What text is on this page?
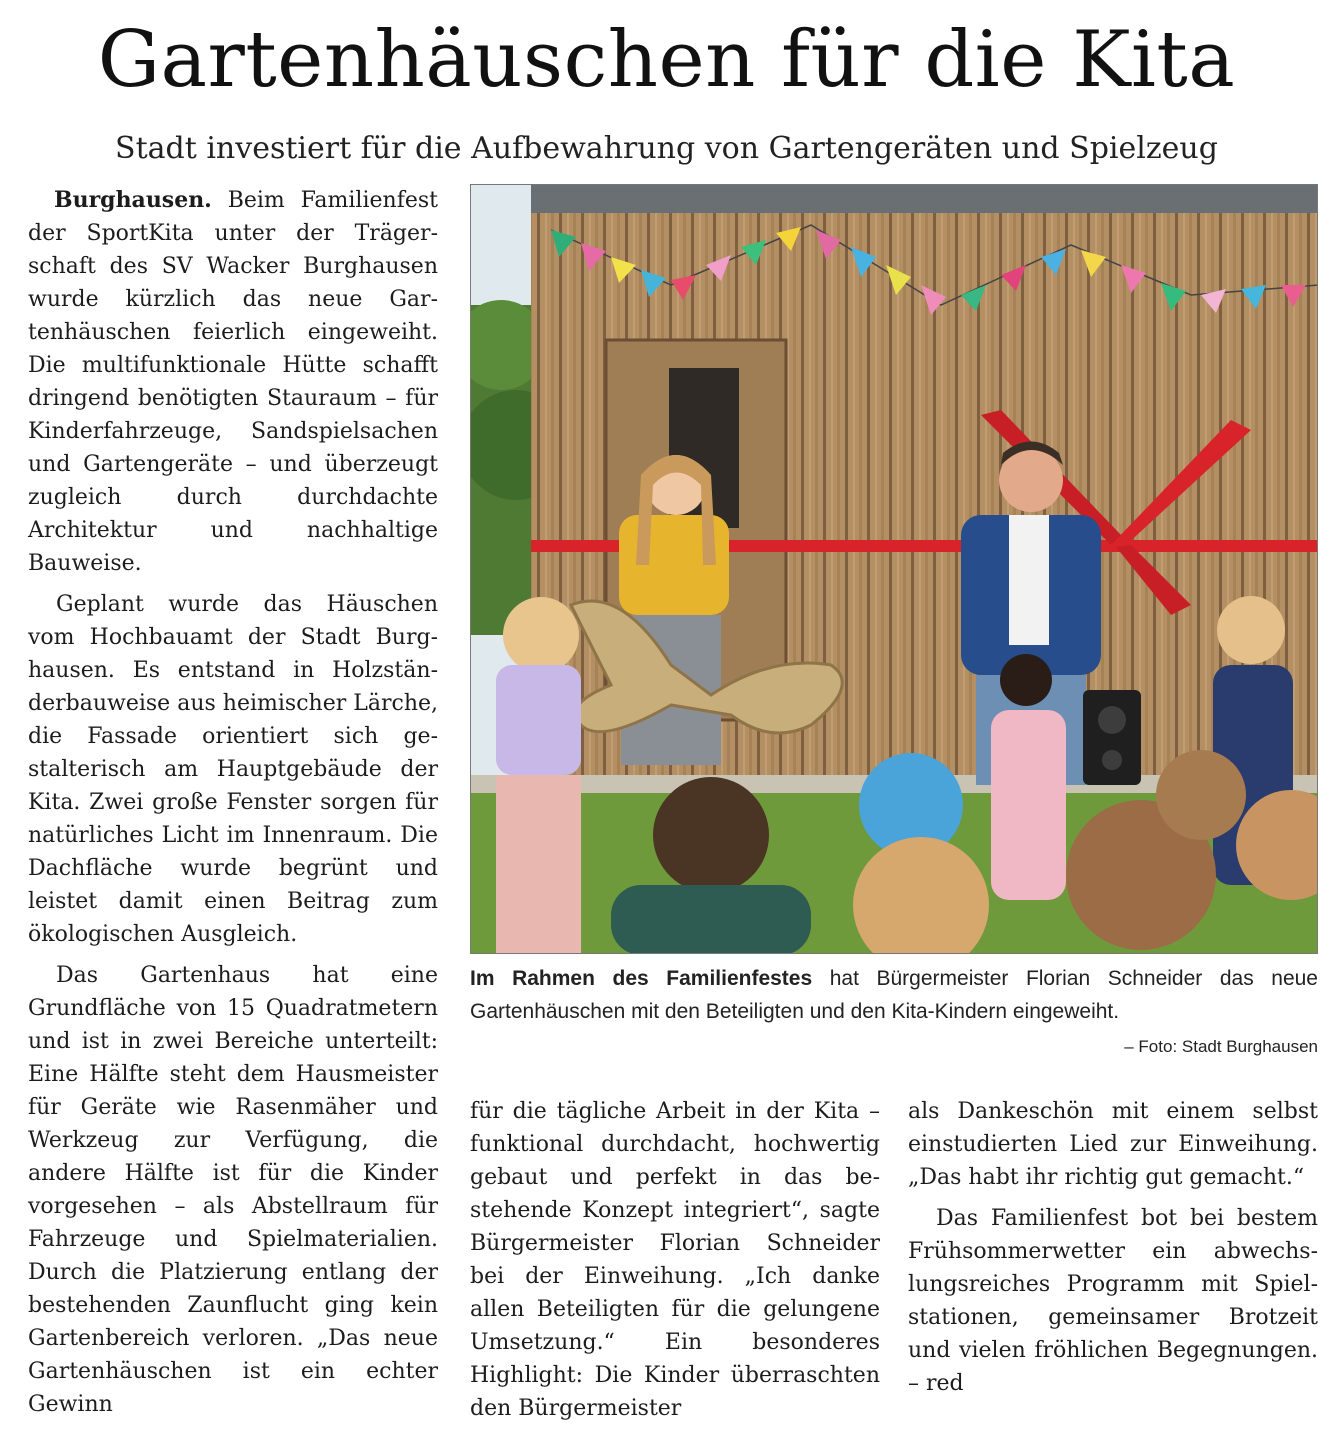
Gartenhäuschen für die Kita
Stadt investiert für die Aufbewahrung von Gartengeräten und Spielzeug

Burghausen. Beim Familienfest der SportKita unter der Trägerschaft des SV Wacker Burghausen wurde kürzlich das neue Gartenhäuschen feierlich eingeweiht. Die multifunktionale Hütte schafft dringend benötigten Stauraum – für Kinderfahrzeuge, Sandspielsachen und Gartengeräte – und überzeugt zugleich durch durchdachte Architektur und nachhaltige Bauweise.

Geplant wurde das Häuschen vom Hochbauamt der Stadt Burghausen. Es entstand in Holzständerbauweise aus heimischer Lärche, die Fassade orientiert sich gestalterisch am Hauptgebäude der Kita. Zwei große Fenster sorgen für natürliches Licht im Innenraum. Die Dachfläche wurde begrünt und leistet damit einen Beitrag zum ökologischen Ausgleich.

Das Gartenhaus hat eine Grundfläche von 15 Quadratmetern und ist in zwei Bereiche unterteilt: Eine Hälfte steht dem Hausmeister für Geräte wie Rasenmäher und Werkzeug zur Verfügung, die andere Hälfte ist für die Kinder vorgesehen – als Abstellraum für Fahrzeuge und Spielmaterialien. Durch die Platzierung entlang der bestehenden Zaunflucht ging kein Gartenbereich verloren. „Das neue Gartenhäuschen ist ein echter Gewinn

Im Rahmen des Familienfestes hat Bürgermeister Florian Schneider das neue Gartenhäuschen mit den Beteiligten und den Kita-Kindern eingeweiht.
– Foto: Stadt Burghausen

für die tägliche Arbeit in der Kita – funktional durchdacht, hochwertig gebaut und perfekt in das bestehende Konzept integriert“, sagte Bürgermeister Florian Schneider bei der Einweihung. „Ich danke allen Beteiligten für die gelungene Umsetzung.“ Ein besonderes Highlight: Die Kinder überraschten den Bürgermeister

als Dankeschön mit einem selbst einstudierten Lied zur Einweihung. „Das habt ihr richtig gut gemacht.“

Das Familienfest bot bei bestem Frühsommerwetter ein abwechslungsreiches Programm mit Spielstationen, gemeinsamer Brotzeit und vielen fröhlichen Begegnungen. – red
